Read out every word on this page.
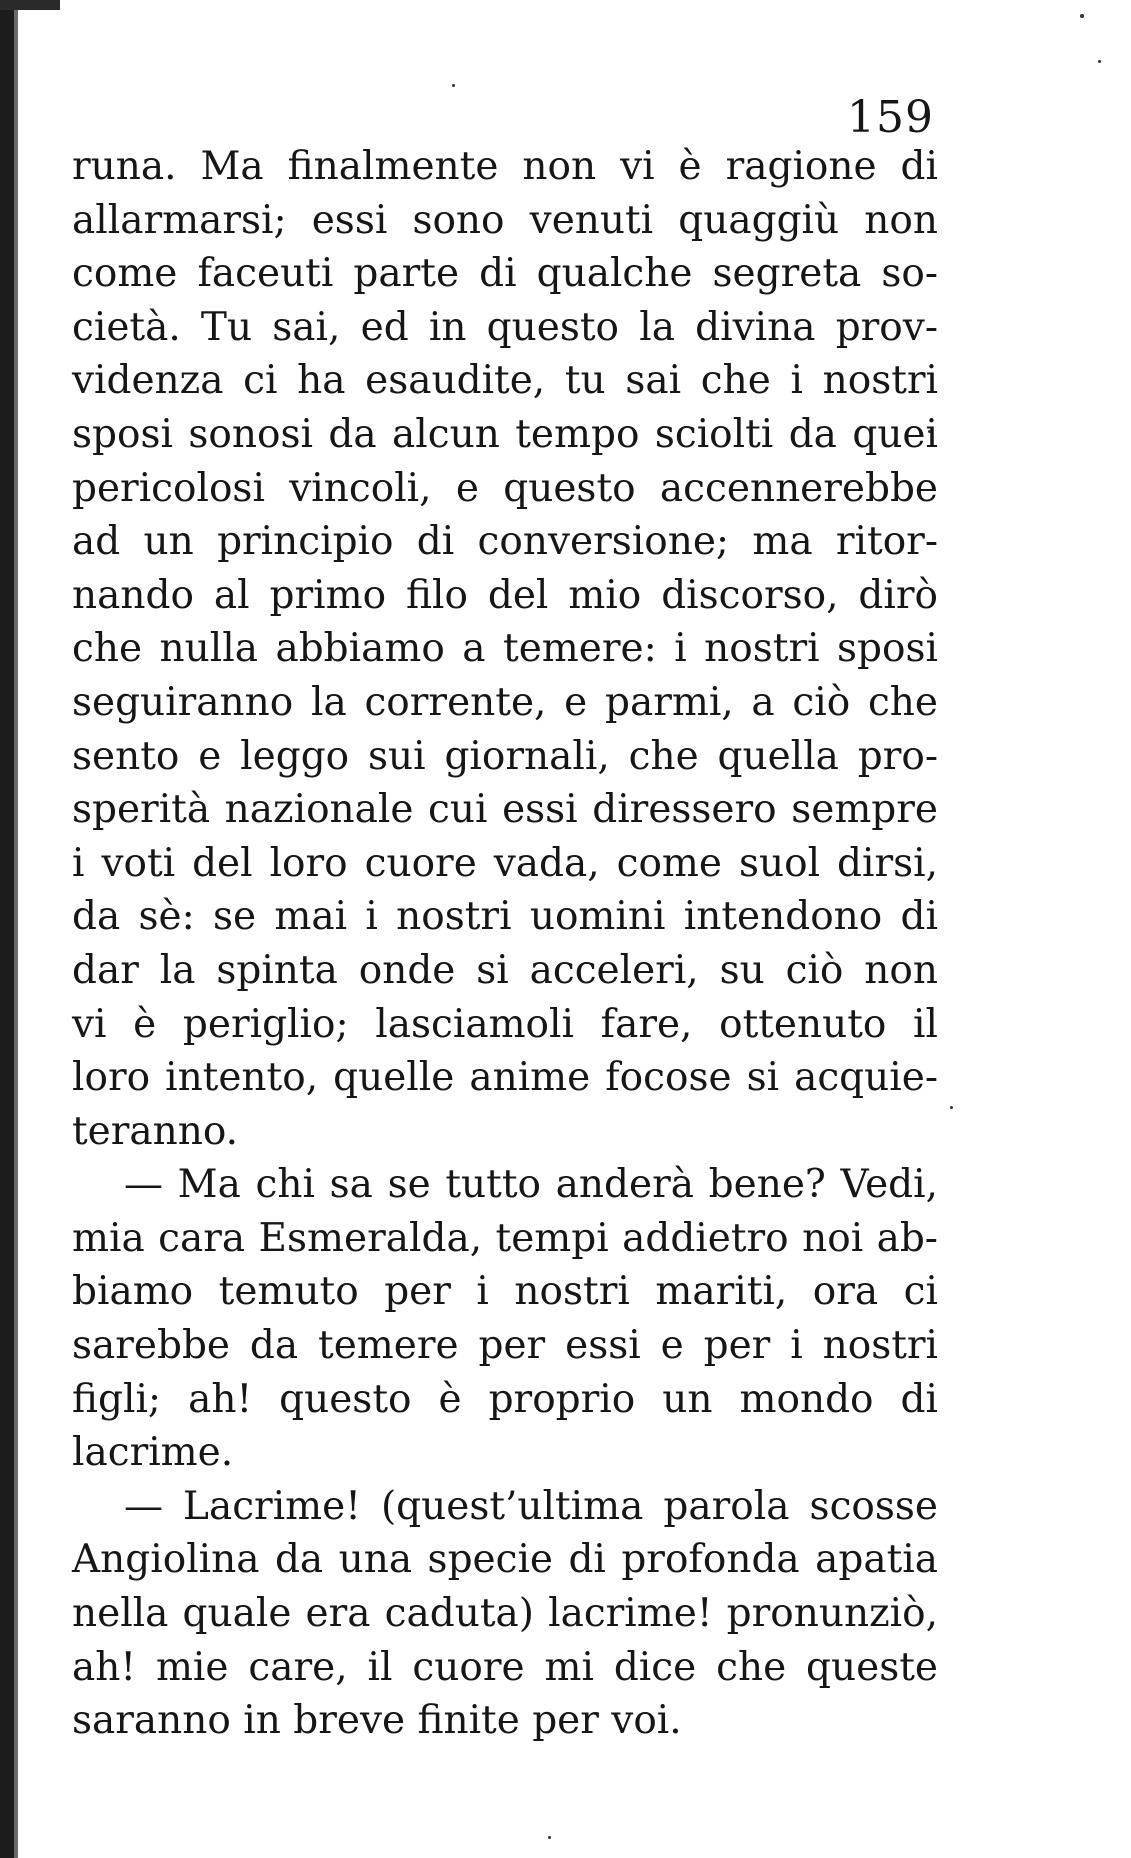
159
runa. Ma finalmente non vi è ragione di
allarmarsi; essi sono venuti quaggiù non
come faceuti parte di qualche segreta so-
cietà. Tu sai, ed in questo la divina prov-
videnza ci ha esaudite, tu sai che i nostri
sposi sonosi da alcun tempo sciolti da quei
pericolosi vincoli, e questo accennerebbe
ad un principio di conversione; ma ritor-
nando al primo filo del mio discorso, dirò
che nulla abbiamo a temere: i nostri sposi
seguiranno la corrente, e parmi, a ciò che
sento e leggo sui giornali, che quella pro-
sperità nazionale cui essi diressero sempre
i voti del loro cuore vada, come suol dirsi,
da sè: se mai i nostri uomini intendono di
dar la spinta onde si acceleri, su ciò non
vi è periglio; lasciamoli fare, ottenuto il
loro intento, quelle anime focose si acquie-
teranno.
— Ma chi sa se tutto anderà bene? Vedi,
mia cara Esmeralda, tempi addietro noi ab-
biamo temuto per i nostri mariti, ora ci
sarebbe da temere per essi e per i nostri
figli; ah! questo è proprio un mondo di
lacrime.
— Lacrime! (quest’ultima parola scosse
Angiolina da una specie di profonda apatia
nella quale era caduta) lacrime! pronunziò,
ah! mie care, il cuore mi dice che queste
saranno in breve finite per voi.
